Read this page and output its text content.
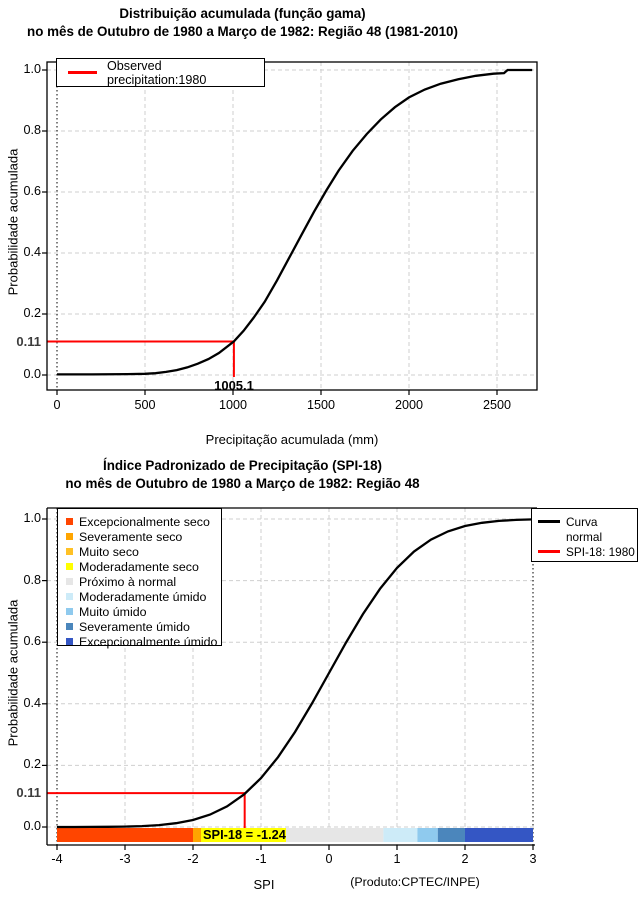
Distribuição acumulada (função gama)
no mês de Outubro de 1980 a Março de 1982: Região 48 (1981-2010)
Probabilidade acumulada
Precipitação acumulada (mm)
Observed precipitation:1980
0.11
1005.1
0	500	1000	1500	2000	2500
0.0
0.2
0.4
0.6
0.8
1.0
Índice Padronizado de Precipitação (SPI-18)
no mês de Outubro de 1980 a Março de 1982: Região 48
Probabilidade acumulada
SPI	(Produto:CPTEC/INPE)
Excepcionalmente seco
Severamente seco
Muito seco
Moderadamente seco
Próximo à normal
Moderadamente úmido
Muito úmido
Severamente úmido
Excepcionalmente úmido
Curva
normal
SPI-18: 1980
0.11
SPI-18 = -1.24
-4	-3	-2	-1	0	1	2	3
0.0
0.2
0.4
0.6
0.8
1.0
